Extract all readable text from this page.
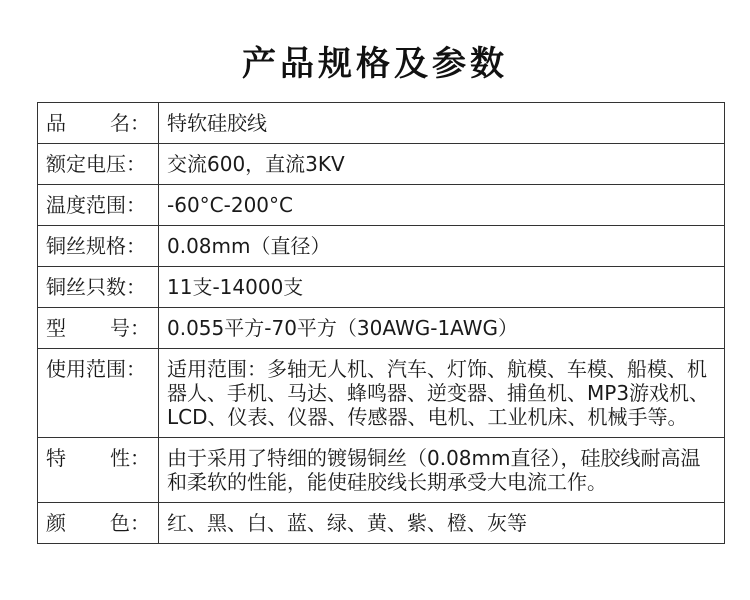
产品规格及参数
品 名：	特软硅胶线
额定电压：	交流600，直流3KV
温度范围：	-60°C-200°C
铜丝规格：	0.08mm（直径）
铜丝只数：	11支-14000支

型 号：	0.055平方-70平方（30AWG-1AWG）
使用范围：	适用范围：多轴无人机、汽车、灯饰、航模、车模、船模、机器人、手机、马达、蜂鸣器、逆变器、捕鱼机、MP3游戏机、LCD、仪表、仪器、传感器、电机、工业机床、机械手等。

特 性：	由于采用了特细的镀锡铜丝（0.08mm直径），硅胶线耐高温和柔软的性能，能使硅胶线长期承受大电流工作。

颜 色：	红、黑、白、蓝、绿、黄、紫、橙、灰等
